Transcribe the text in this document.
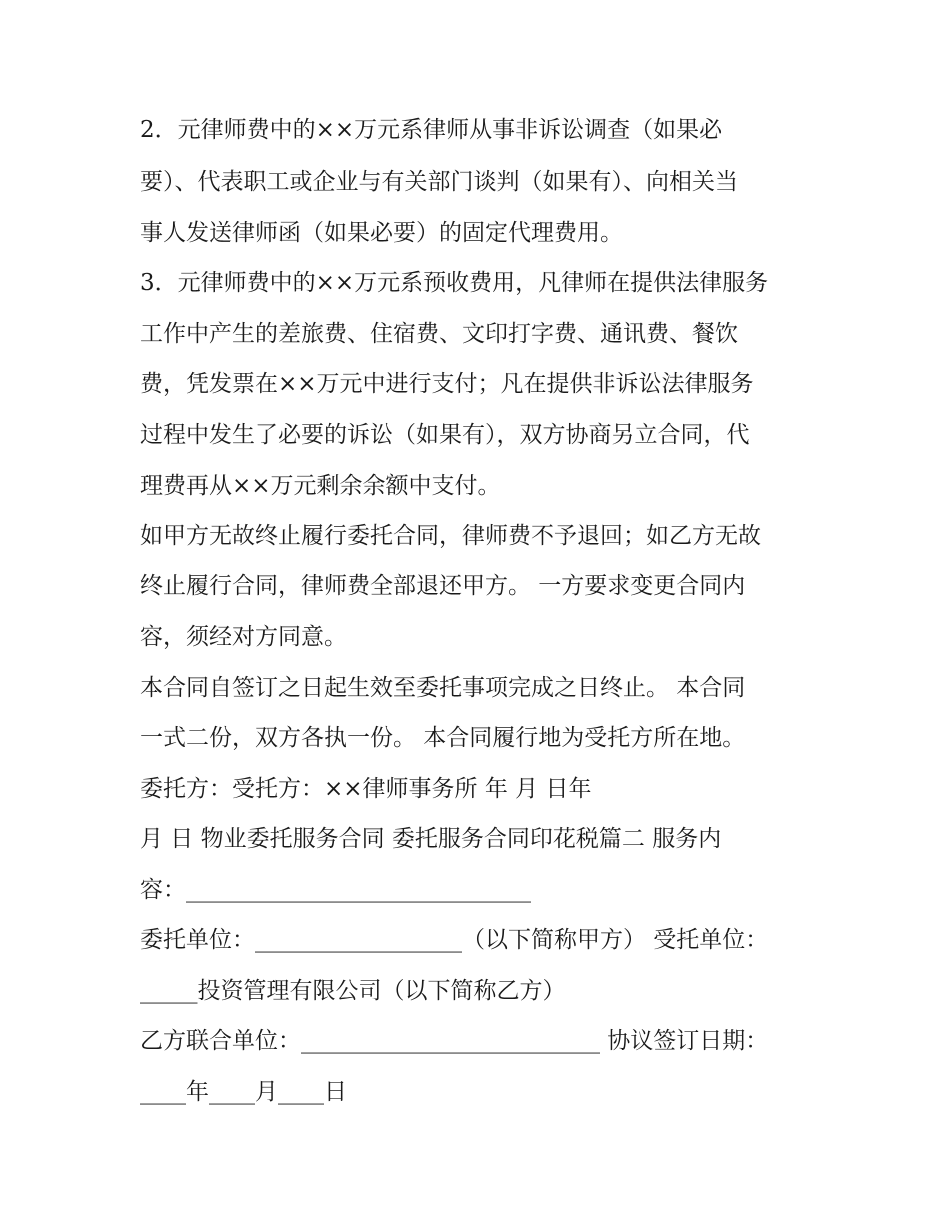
2．元律师费中的××万元系律师从事非诉讼调查（如果必
要）、代表职工或企业与有关部门谈判（如果有）、向相关当
事人发送律师函（如果必要）的固定代理费用。
3．元律师费中的××万元系预收费用，凡律师在提供法律服务
工作中产生的差旅费、住宿费、文印打字费、通讯费、餐饮
费，凭发票在××万元中进行支付；凡在提供非诉讼法律服务
过程中发生了必要的诉讼（如果有），双方协商另立合同，代
理费再从××万元剩余余额中支付。
如甲方无故终止履行委托合同，律师费不予退回；如乙方无故
终止履行合同，律师费全部退还甲方。 一方要求变更合同内
容，须经对方同意。
本合同自签订之日起生效至委托事项完成之日终止。 本合同
一式二份，双方各执一份。 本合同履行地为受托方所在地。
委托方：受托方：××律师事务所 年 月 日年
月 日 物业委托服务合同 委托服务合同印花税篇二 服务内
容：______________________________
委托单位：__________________（以下简称甲方） 受托单位：
_____投资管理有限公司（以下简称乙方）
乙方联合单位：__________________________ 协议签订日期：
____年____月____日
